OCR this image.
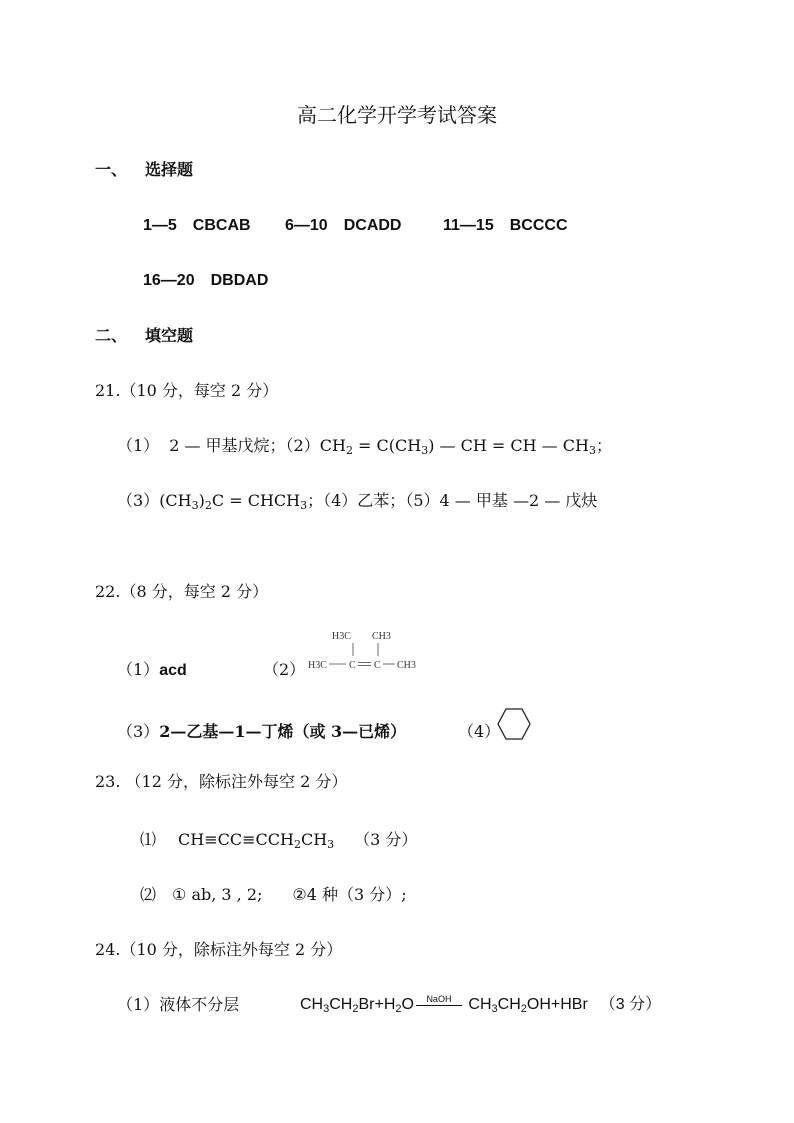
高二化学开学考试答案
一、 选择题
1—5 CBCAB 6—10 DCADD	11—15 BCCCC
16—20 DBDAD
二、 填空题
21.（10 分，每空 2 分）
（1） 2 — 甲基戊烷；$(2)CH_2 = C(CH_3)$ — CH = CH — $CH_3$；
$(3)(CH_3)_2C$ = $CHCH_3$；（4）乙苯；（5）4 — 甲基 —2 — 戊炔
22.（8 分，每空 2 分）
（1）acd	（2）
H3C CH3
H3C C C CH3
（3）2—乙基—1—丁烯（或 3—已烯）	（4）
23. （12 分，除标注外每空 2 分）
⑴ $CH\equiv CC\equiv CCH_2CH_3$ （3 分）
⑵ ① ab, 3 , 2; ②4 种（3 分）;
24.（10 分，除标注外每空 2 分）
（1）液体不分层	$CH_3CH_2Br+H_2O$	NaOH $CH_3CH_2OH+HBr$ （3 分）
